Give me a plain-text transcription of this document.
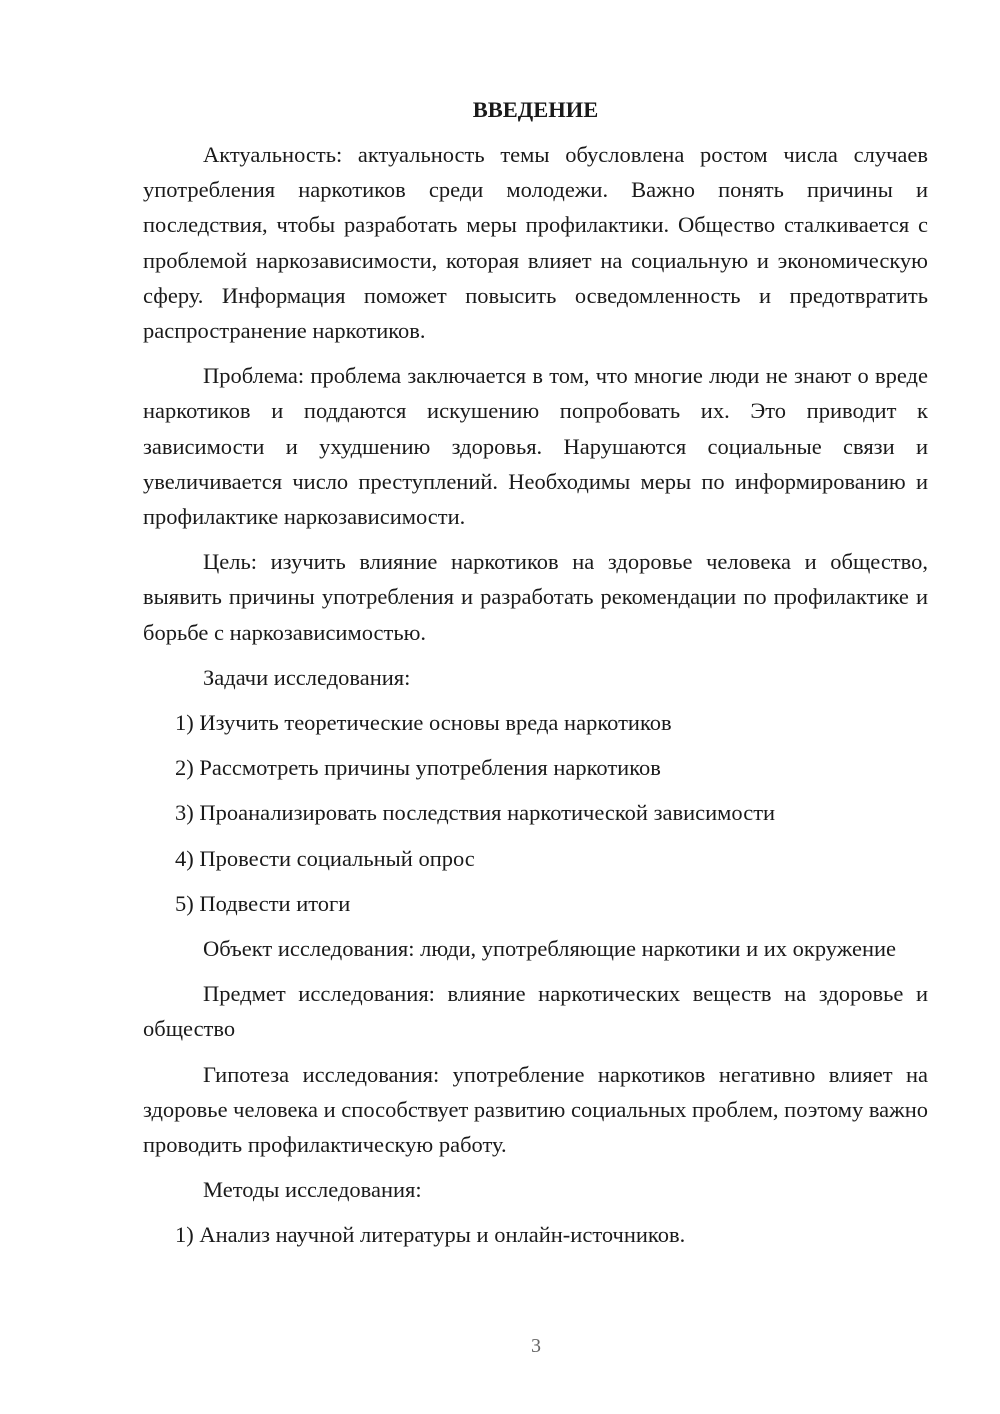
ВВЕДЕНИЕ

Актуальность: актуальность темы обусловлена ростом числа случаев употребления наркотиков среди молодежи. Важно понять причины и последствия, чтобы разработать меры профилактики. Общество сталкивается с проблемой наркозависимости, которая влияет на социальную и экономическую сферу. Информация поможет повысить осведомленность и предотвратить распространение наркотиков.

Проблема: проблема заключается в том, что многие люди не знают о вреде наркотиков и поддаются искушению попробовать их. Это приводит к зависимости и ухудшению здоровья. Нарушаются социальные связи и увеличивается число преступлений. Необходимы меры по информированию и профилактике наркозависимости.

Цель: изучить влияние наркотиков на здоровье человека и общество, выявить причины употребления и разработать рекомендации по профилактике и борьбе с наркозависимостью.

Задачи исследования:

1) Изучить теоретические основы вреда наркотиков

2) Рассмотреть причины употребления наркотиков

3) Проанализировать последствия наркотической зависимости

4) Провести социальный опрос

5) Подвести итоги

Объект исследования: люди, употребляющие наркотики и их окружение

Предмет исследования: влияние наркотических веществ на здоровье и общество

Гипотеза исследования: употребление наркотиков негативно влияет на здоровье человека и способствует развитию социальных проблем, поэтому важно проводить профилактическую работу.

Методы исследования:

1) Анализ научной литературы и онлайн-источников.

3
